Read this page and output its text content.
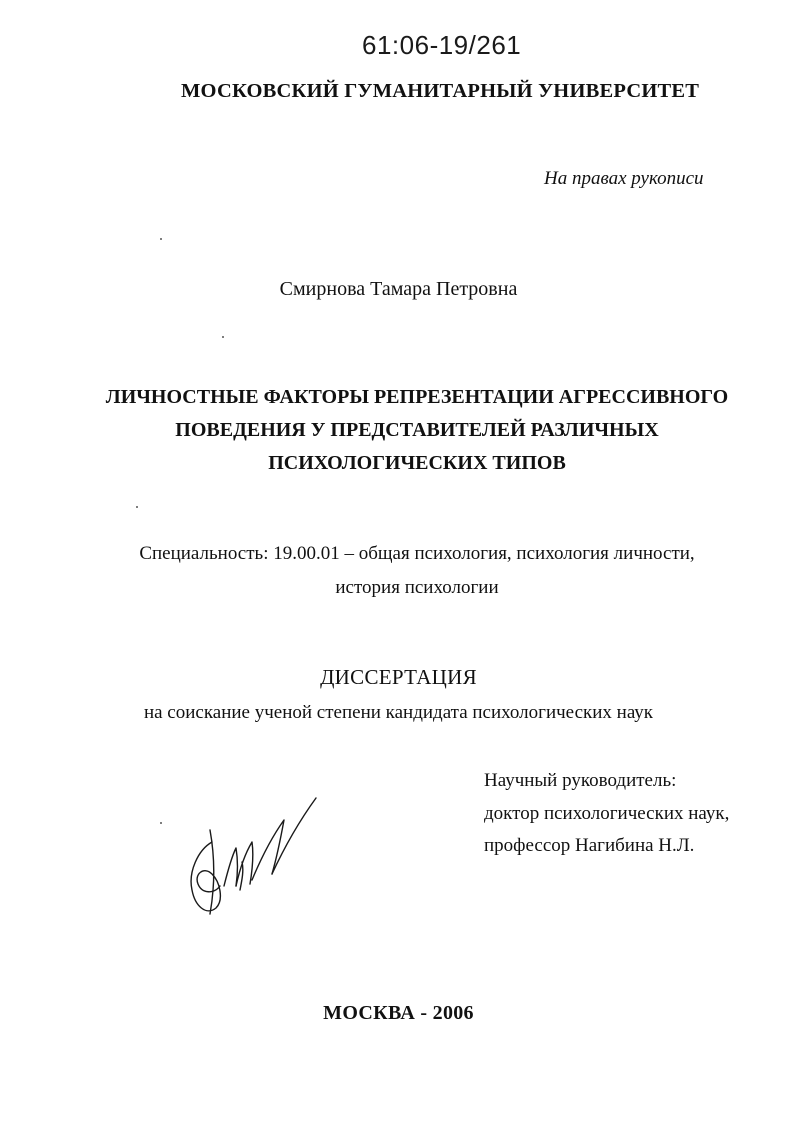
61:06-19/261
МОСКОВСКИЙ ГУМАНИТАРНЫЙ УНИВЕРСИТЕТ
На правах рукописи
Смирнова Тамара Петровна
ЛИЧНОСТНЫЕ ФАКТОРЫ РЕПРЕЗЕНТАЦИИ АГРЕССИВНОГО
ПОВЕДЕНИЯ У ПРЕДСТАВИТЕЛЕЙ РАЗЛИЧНЫХ
ПСИХОЛОГИЧЕСКИХ ТИПОВ
Специальность: 19.00.01 – общая психология, психология личности,
история психологии
ДИССЕРТАЦИЯ
на соискание ученой степени кандидата психологических наук
Научный руководитель:
доктор психологических наук,
профессор Нагибина Н.Л.
МОСКВА - 2006
